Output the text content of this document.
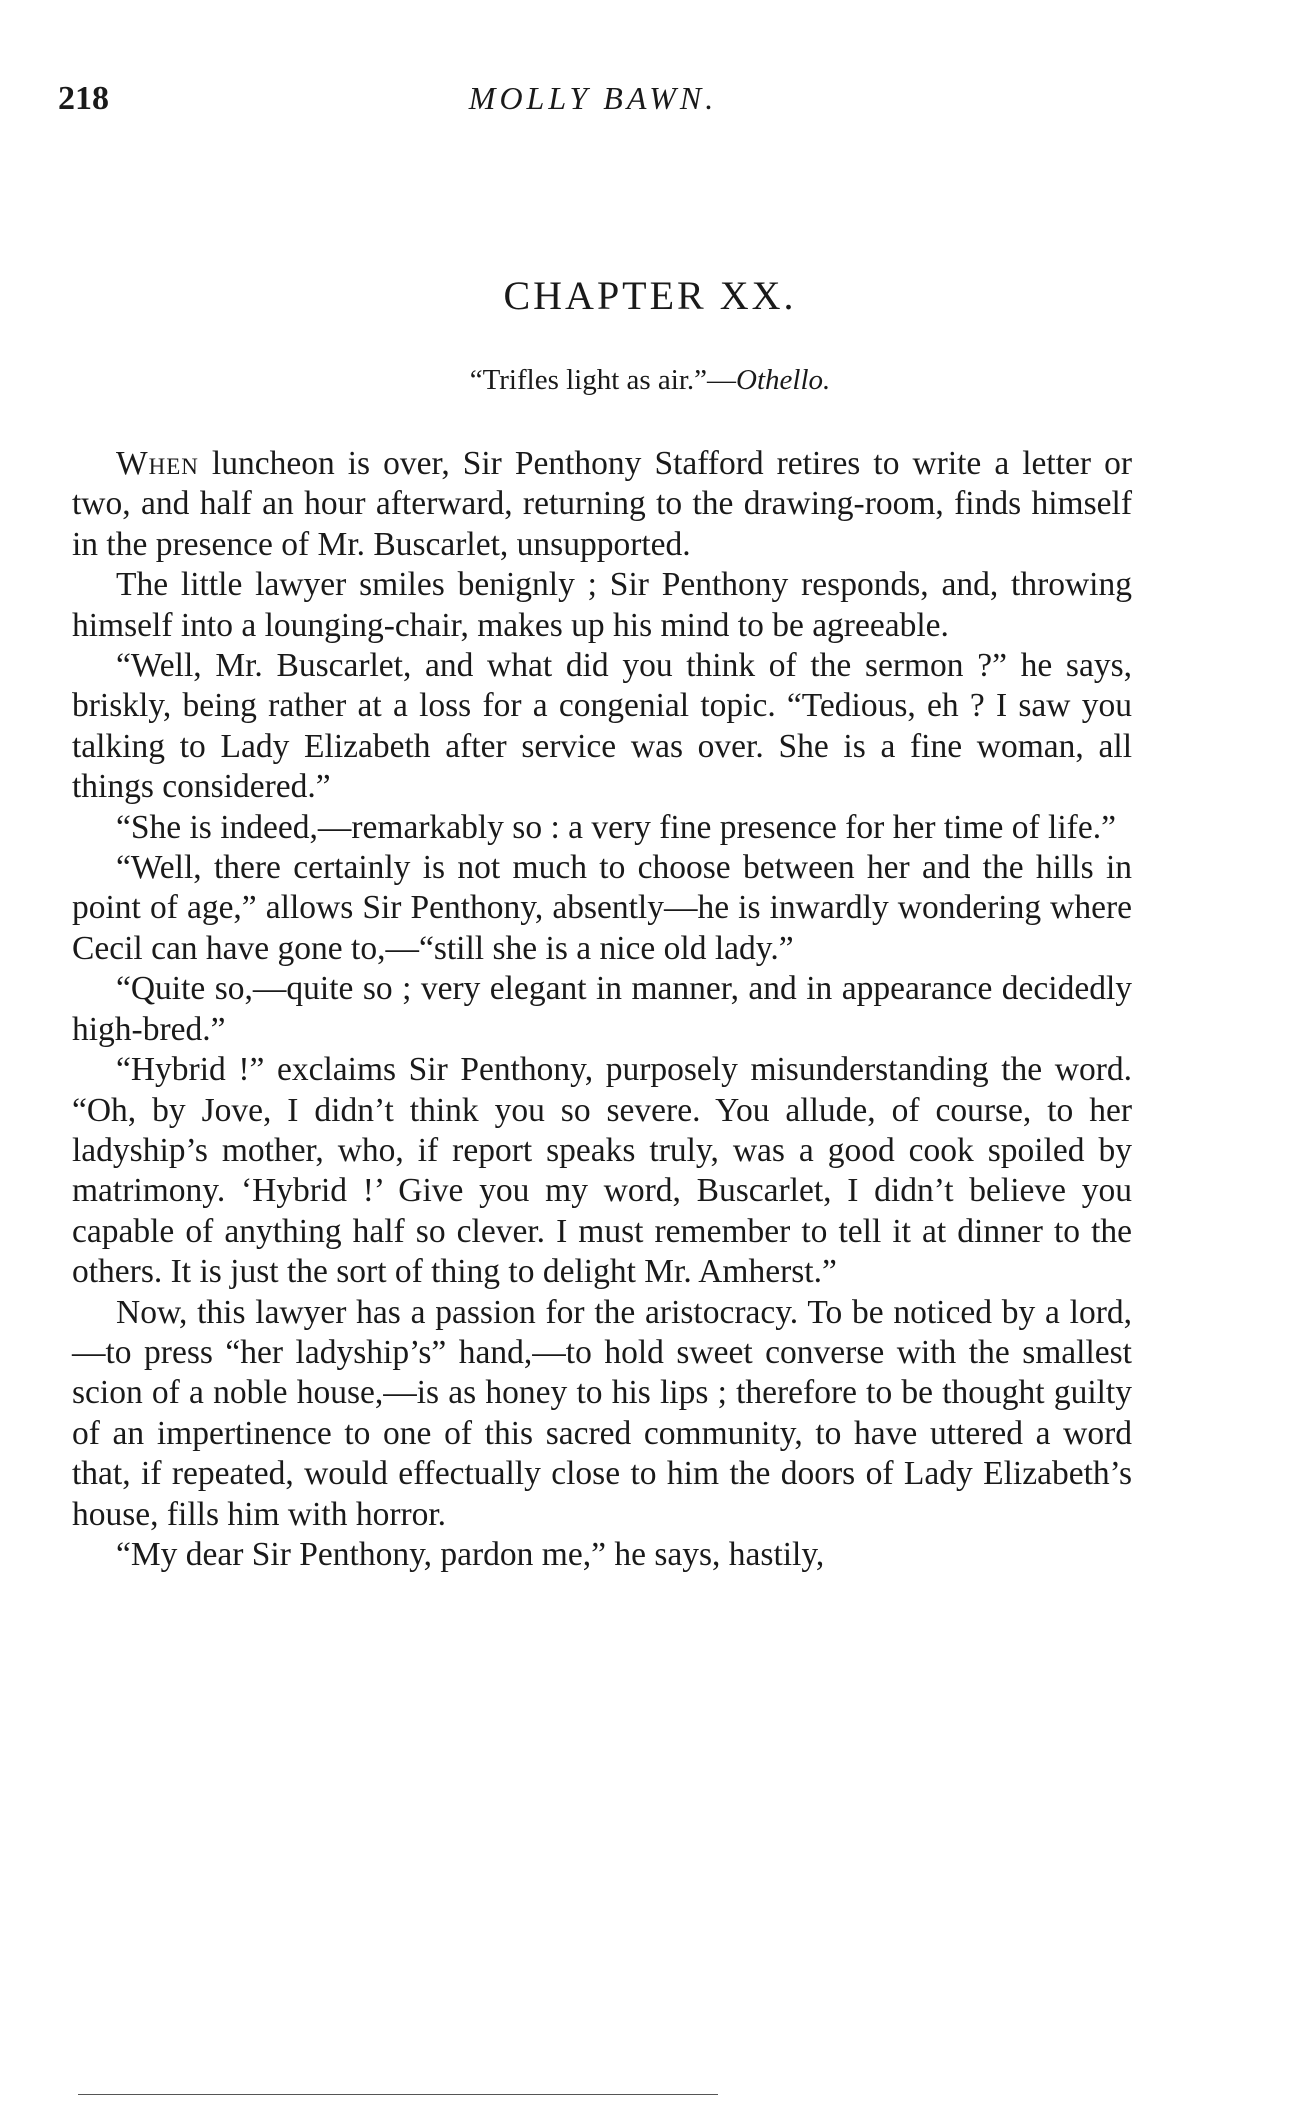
218	MOLLY BAWN.
CHAPTER XX.
“Trifles light as air.”—Othello.

When luncheon is over, Sir Penthony Stafford retires to write a letter or two, and half an hour afterward, returning to the drawing-room, finds himself in the presence of Mr. Buscarlet, unsupported.

The little lawyer smiles benignly ; Sir Penthony responds, and, throwing himself into a lounging-chair, makes up his mind to be agreeable.

“Well, Mr. Buscarlet, and what did you think of the sermon ?” he says, briskly, being rather at a loss for a congenial topic. “Tedious, eh ? I saw you talking to Lady Elizabeth after service was over. She is a fine woman, all things considered.”

“She is indeed,—remarkably so : a very fine presence for her time of life.”

“Well, there certainly is not much to choose between her and the hills in point of age,” allows Sir Penthony, absently—he is inwardly wondering where Cecil can have gone to,—“still she is a nice old lady.”

“Quite so,—quite so ; very elegant in manner, and in appearance decidedly high-bred.”

“Hybrid !” exclaims Sir Penthony, purposely misunderstanding the word. “Oh, by Jove, I didn’t think you so severe. You allude, of course, to her ladyship’s mother, who, if report speaks truly, was a good cook spoiled by matrimony. ‘Hybrid !’ Give you my word, Buscarlet, I didn’t believe you capable of anything half so clever. I must remember to tell it at dinner to the others. It is just the sort of thing to delight Mr. Amherst.”

Now, this lawyer has a passion for the aristocracy. To be noticed by a lord,—to press “her ladyship’s” hand,—to hold sweet converse with the smallest scion of a noble house,—is as honey to his lips ; therefore to be thought guilty of an impertinence to one of this sacred community, to have uttered a word that, if repeated, would effectually close to him the doors of Lady Elizabeth’s house, fills him with horror.

“My dear Sir Penthony, pardon me,” he says, hastily,
